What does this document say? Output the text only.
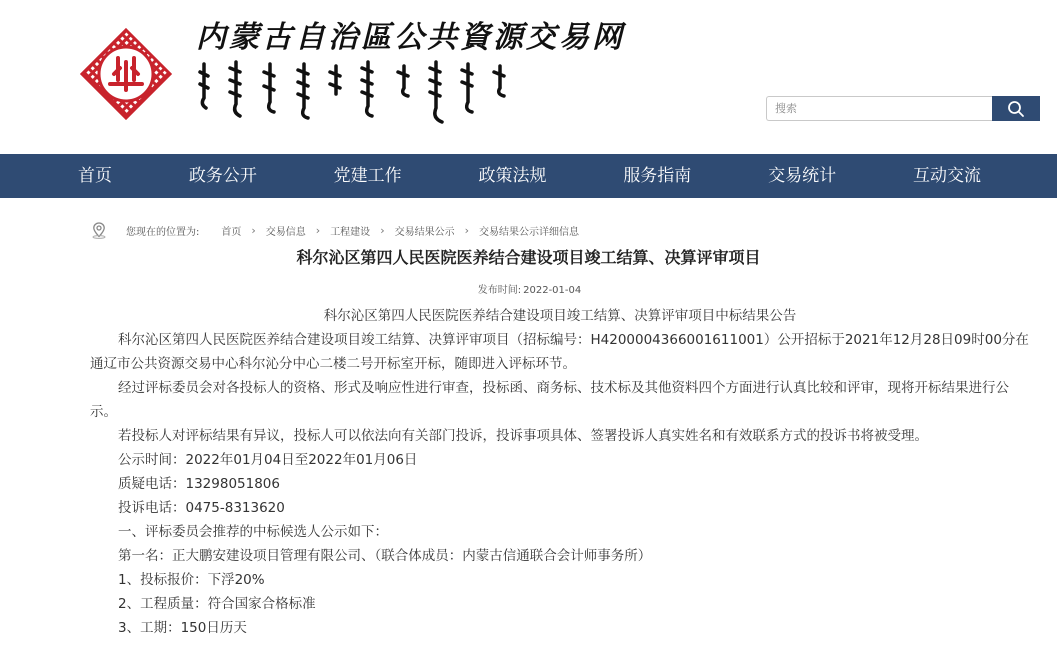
内蒙古自治區公共資源交易网
搜索
首页	政务公开	党建工作	政策法规	服务指南	交易统计	互动交流
您现在的位置为: 首页 › 交易信息 › 工程建设 › 交易结果公示 › 交易结果公示详细信息
科尔沁区第四人民医院医养结合建设项目竣工结算、决算评审项目
发布时间: 2022-01-04

科尔沁区第四人民医院医养结合建设项目竣工结算、决算评审项目中标结果公告

科尔沁区第四人民医院医养结合建设项目竣工结算、决算评审项目（招标编号：H4200004366001611001）公开招标于2021年12月28日09时00分在通辽市公共资源交易中心科尔沁分中心二楼二号开标室开标，随即进入评标环节。

经过评标委员会对各投标人的资格、形式及响应性进行审查，投标函、商务标、技术标及其他资料四个方面进行认真比较和评审，现将开标结果进行公示。

若投标人对评标结果有异议，投标人可以依法向有关部门投诉，投诉事项具体、签署投诉人真实姓名和有效联系方式的投诉书将被受理。

公示时间：2022年01月04日至2022年01月06日

质疑电话：13298051806

投诉电话：0475-8313620

一、评标委员会推荐的中标候选人公示如下：

第一名：正大鹏安建设项目管理有限公司、（联合体成员：内蒙古信通联合会计师事务所）

1、投标报价：下浮20%

2、工程质量：符合国家合格标准

3、工期：150日历天
